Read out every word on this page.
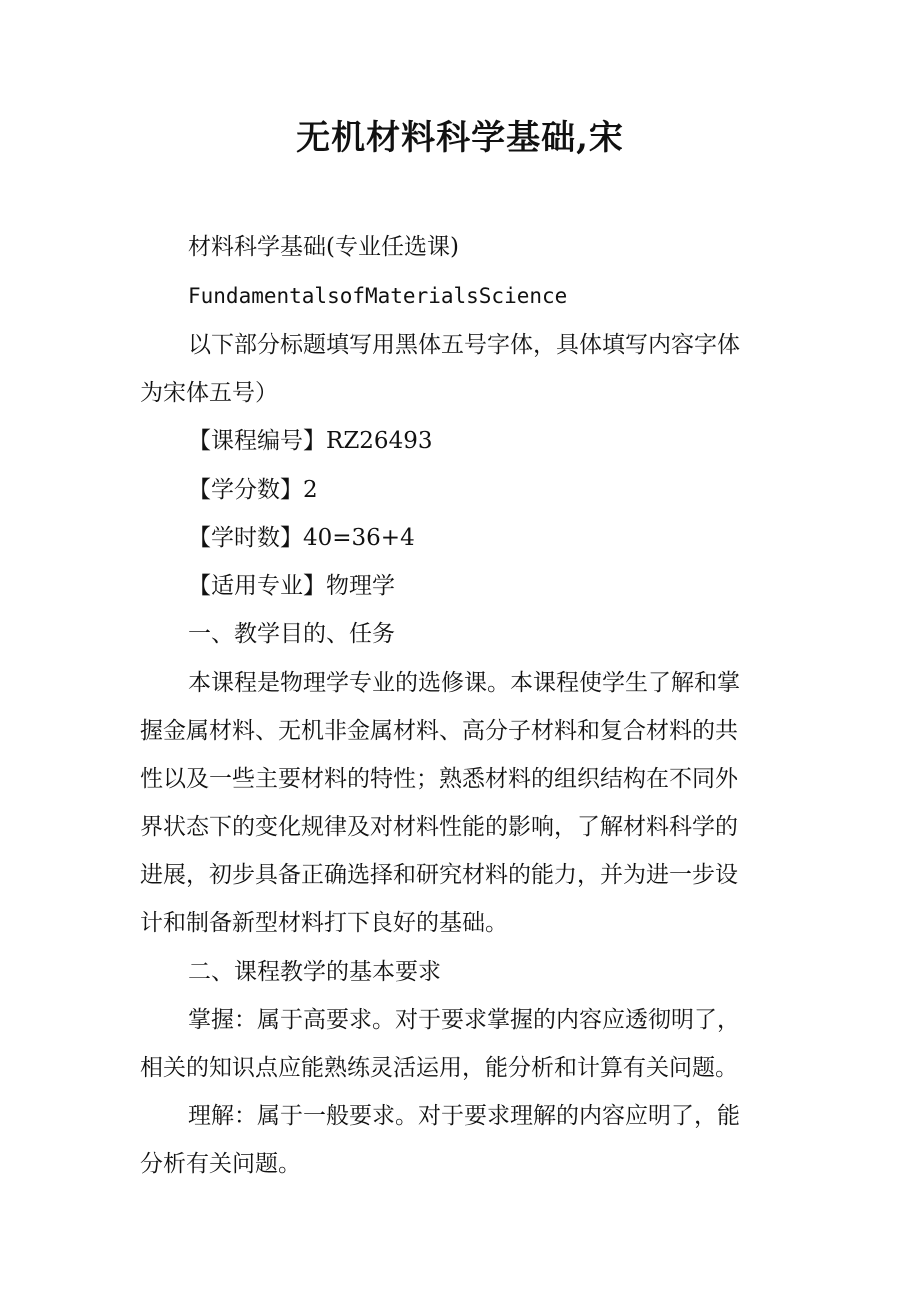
无机材料科学基础,宋
材料科学基础(专业任选课)
FundamentalsofMaterialsScience
以下部分标题填写用黑体五号字体，具体填写内容字体
为宋体五号）
【课程编号】RZ26493
【学分数】2
【学时数】40=36+4
【适用专业】物理学
一、教学目的、任务
本课程是物理学专业的选修课。本课程使学生了解和掌
握金属材料、无机非金属材料、高分子材料和复合材料的共
性以及一些主要材料的特性；熟悉材料的组织结构在不同外
界状态下的变化规律及对材料性能的影响，了解材料科学的
进展，初步具备正确选择和研究材料的能力，并为进一步设
计和制备新型材料打下良好的基础。
二、课程教学的基本要求
掌握：属于高要求。对于要求掌握的内容应透彻明了，
相关的知识点应能熟练灵活运用，能分析和计算有关问题。
理解：属于一般要求。对于要求理解的内容应明了，能
分析有关问题。
